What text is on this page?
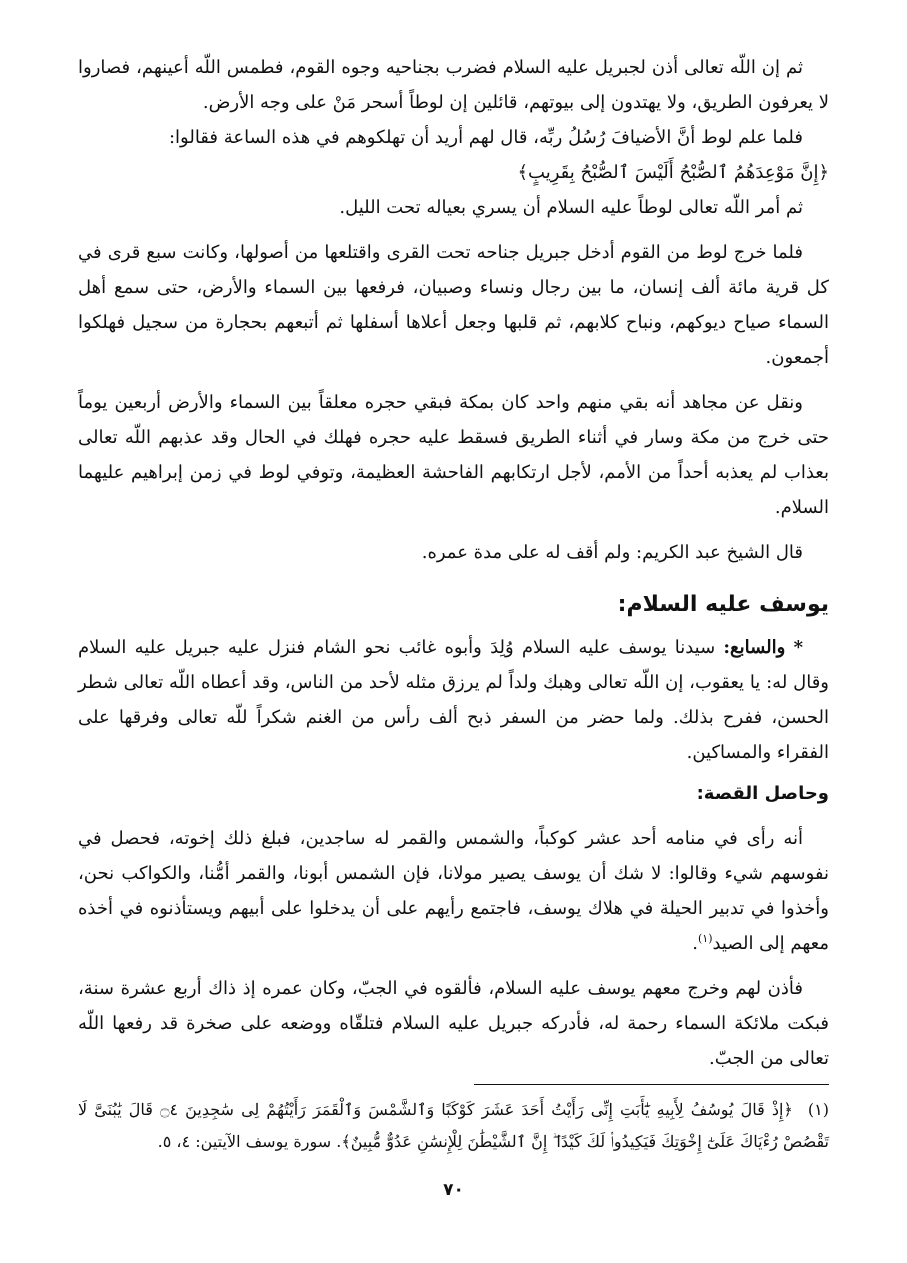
ثم إن اللّه تعالى أذن لجبريل عليه السلام فضرب بجناحيه وجوه القوم، فطمس اللّه أعينهم، فصاروا لا يعرفون الطريق، ولا يهتدون إلى بيوتهم، قائلين إن لوطاً أسحر مَنْ على وجه الأرض.

فلما علم لوط أنَّ الأضيافَ رُسُلُ ربِّه، قال لهم أريد أن تهلكوهم في هذه الساعة فقالوا:

﴿إِنَّ مَوْعِدَهُمُ ٱلصُّبْحُ أَلَيْسَ ٱلصُّبْحُ بِقَرِيبٍ﴾

ثم أمر اللّه تعالى لوطاً عليه السلام أن يسري بعياله تحت الليل.

فلما خرج لوط من القوم أدخل جبريل جناحه تحت القرى واقتلعها من أصولها، وكانت سبع قرى في كل قرية مائة ألف إنسان، ما بين رجال ونساء وصبيان، فرفعها بين السماء والأرض، حتى سمع أهل السماء صياح ديوكهم، ونباح كلابهم، ثم قلبها وجعل أعلاها أسفلها ثم أتبعهم بحجارة من سجيل فهلكوا أجمعون.

ونقل عن مجاهد أنه بقي منهم واحد كان بمكة فبقي حجره معلقاً بين السماء والأرض أربعين يوماً حتى خرج من مكة وسار في أثناء الطريق فسقط عليه حجره فهلك في الحال وقد عذبهم اللّه تعالى بعذاب لم يعذبه أحداً من الأمم، لأجل ارتكابهم الفاحشة العظيمة، وتوفي لوط في زمن إبراهيم عليهما السلام.

قال الشيخ عبد الكريم: ولم أقف له على مدة عمره.

يوسف عليه السلام:

* والسابع: سيدنا يوسف عليه السلام وُلِدَ وأبوه غائب نحو الشام فنزل عليه جبريل عليه السلام وقال له: يا يعقوب، إن اللّه تعالى وهبك ولداً لم يرزق مثله لأحد من الناس، وقد أعطاه اللّه تعالى شطر الحسن، ففرح بذلك. ولما حضر من السفر ذبح ألف رأس من الغنم شكراً للّه تعالى وفرقها على الفقراء والمساكين.

وحاصل القصة:

أنه رأى في منامه أحد عشر كوكباً، والشمس والقمر له ساجدين، فبلغ ذلك إخوته، فحصل في نفوسهم شيء وقالوا: لا شك أن يوسف يصير مولانا، فإن الشمس أبونا، والقمر أمُّنا، والكواكب نحن، وأخذوا في تدبير الحيلة في هلاك يوسف، فاجتمع رأيهم على أن يدخلوا على أبيهم ويستأذنوه في أخذه معهم إلى الصيد$^{(١)}$.

فأذن لهم وخرج معهم يوسف عليه السلام، فألقوه في الجبّ، وكان عمره إذ ذاك أربع عشرة سنة، فبكت ملائكة السماء رحمة له، فأدركه جبريل عليه السلام فتلقّاه ووضعه على صخرة قد رفعها اللّه تعالى من الجبّ.

(١) ﴿إِذْ قَالَ يُوسُفُ لِأَبِيهِ يَٰٓأَبَتِ إِنِّى رَأَيْتُ أَحَدَ عَشَرَ كَوْكَبًا وَٱلشَّمْسَ وَٱلْقَمَرَ رَأَيْتُهُمْ لِى سَٰجِدِينَ ۝٤ قَالَ يَٰبُنَىَّ لَا تَقْصُصْ رُءْيَاكَ عَلَىٰٓ إِخْوَتِكَ فَيَكِيدُوا۟ لَكَ كَيْدًا ۖ إِنَّ ٱلشَّيْطَٰنَ لِلْإِنسَٰنِ عَدُوٌّ مُّبِينٌ﴾. سورة يوسف الآيتين: ٤، ٥.
٧٠
